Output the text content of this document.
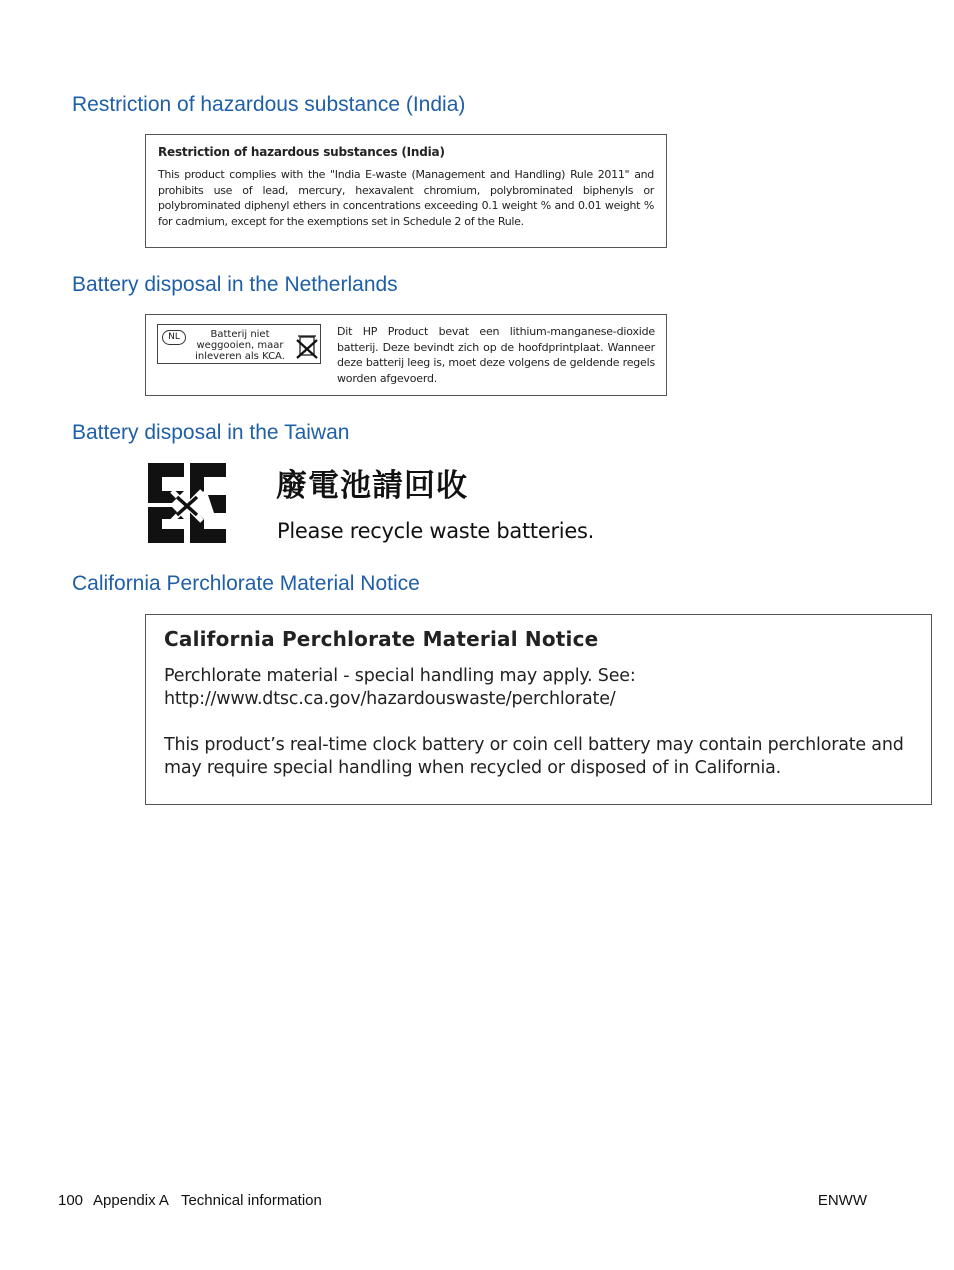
Restriction of hazardous substance (India)
Restriction of hazardous substances (India)
This product complies with the "India E-waste (Management and Handling) Rule 2011" and prohibits use of lead, mercury, hexavalent chromium, polybrominated biphenyls or polybrominated diphenyl ethers in concentrations exceeding 0.1 weight % and 0.01 weight % for cadmium, except for the exemptions set in Schedule 2 of the Rule.
Battery disposal in the Netherlands
NL	Batterij niet
weggooien, maar
inleveren als KCA.
Dit HP Product bevat een lithium-manganese-dioxide batterij. Deze bevindt zich op de hoofdprintplaat. Wanneer deze batterij leeg is, moet deze volgens de geldende regels worden afgevoerd.
Battery disposal in the Taiwan
廢電池請回收
Please recycle waste batteries.
California Perchlorate Material Notice
California Perchlorate Material Notice
Perchlorate material - special handling may apply. See:
http://www.dtsc.ca.gov/hazardouswaste/perchlorate/
This product’s real-time clock battery or coin cell battery may contain perchlorate and may require special handling when recycled or disposed of in California.
100 Appendix A Technical information	ENWW
